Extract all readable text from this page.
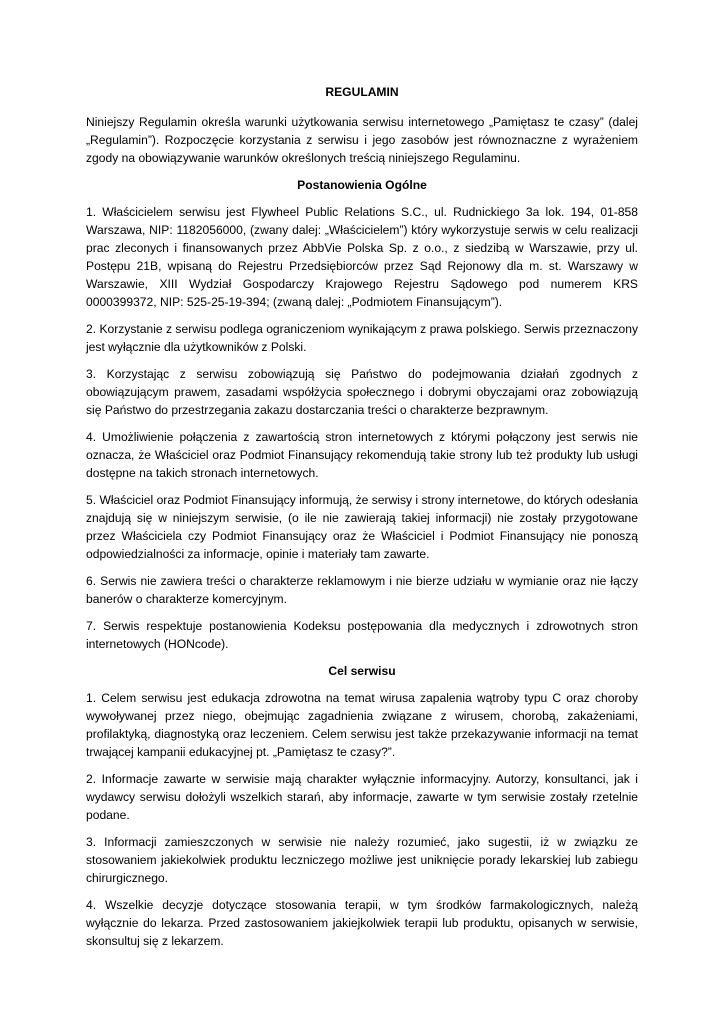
REGULAMIN

Niniejszy Regulamin określa warunki użytkowania serwisu internetowego „Pamiętasz te czasy” (dalej „Regulamin”). Rozpoczęcie korzystania z serwisu i jego zasobów jest równoznaczne z wyrażeniem zgody na obowiązywanie warunków określonych treścią niniejszego Regulaminu.

Postanowienia Ogólne

1. Właścicielem serwisu jest Flywheel Public Relations S.C., ul. Rudnickiego 3a lok. 194, 01-858 Warszawa, NIP: 1182056000, (zwany dalej: „Właścicielem”) który wykorzystuje serwis w celu realizacji prac zleconych i finansowanych przez AbbVie Polska Sp. z o.o., z siedzibą w Warszawie, przy ul. Postępu 21B, wpisaną do Rejestru Przedsiębiorców przez Sąd Rejonowy dla m. st. Warszawy w Warszawie, XIII Wydział Gospodarczy Krajowego Rejestru Sądowego pod numerem KRS 0000399372, NIP: 525-25-19-394; (zwaną dalej: „Podmiotem Finansującym”).

2. Korzystanie z serwisu podlega ograniczeniom wynikającym z prawa polskiego. Serwis przeznaczony jest wyłącznie dla użytkowników z Polski.

3. Korzystając z serwisu zobowiązują się Państwo do podejmowania działań zgodnych z obowiązującym prawem, zasadami współżycia społecznego i dobrymi obyczajami oraz zobowiązują się Państwo do przestrzegania zakazu dostarczania treści o charakterze bezprawnym.

4. Umożliwienie połączenia z zawartością stron internetowych z którymi połączony jest serwis nie oznacza, że Właściciel oraz Podmiot Finansujący rekomendują takie strony lub też produkty lub usługi dostępne na takich stronach internetowych.

5. Właściciel oraz Podmiot Finansujący informują, że serwisy i strony internetowe, do których odesłania znajdują się w niniejszym serwisie, (o ile nie zawierają takiej informacji) nie zostały przygotowane przez Właściciela czy Podmiot Finansujący oraz że Właściciel i Podmiot Finansujący nie ponoszą odpowiedzialności za informacje, opinie i materiały tam zawarte.

6. Serwis nie zawiera treści o charakterze reklamowym i nie bierze udziału w wymianie oraz nie łączy banerów o charakterze komercyjnym.

7. Serwis respektuje postanowienia Kodeksu postępowania dla medycznych i zdrowotnych stron internetowych (HONcode).

Cel serwisu

1. Celem serwisu jest edukacja zdrowotna na temat wirusa zapalenia wątroby typu C oraz choroby wywoływanej przez niego, obejmując zagadnienia związane z wirusem, chorobą, zakażeniami, profilaktyką, diagnostyką oraz leczeniem. Celem serwisu jest także przekazywanie informacji na temat trwającej kampanii edukacyjnej pt. „Pamiętasz te czasy?”.

2. Informacje zawarte w serwisie mają charakter wyłącznie informacyjny. Autorzy, konsultanci, jak i wydawcy serwisu dołożyli wszelkich starań, aby informacje, zawarte w tym serwisie zostały rzetelnie podane.

3. Informacji zamieszczonych w serwisie nie należy rozumieć, jako sugestii, iż w związku ze stosowaniem jakiekolwiek produktu leczniczego możliwe jest uniknięcie porady lekarskiej lub zabiegu chirurgicznego.

4. Wszelkie decyzje dotyczące stosowania terapii, w tym środków farmakologicznych, należą wyłącznie do lekarza. Przed zastosowaniem jakiejkolwiek terapii lub produktu, opisanych w serwisie, skonsultuj się z lekarzem.
